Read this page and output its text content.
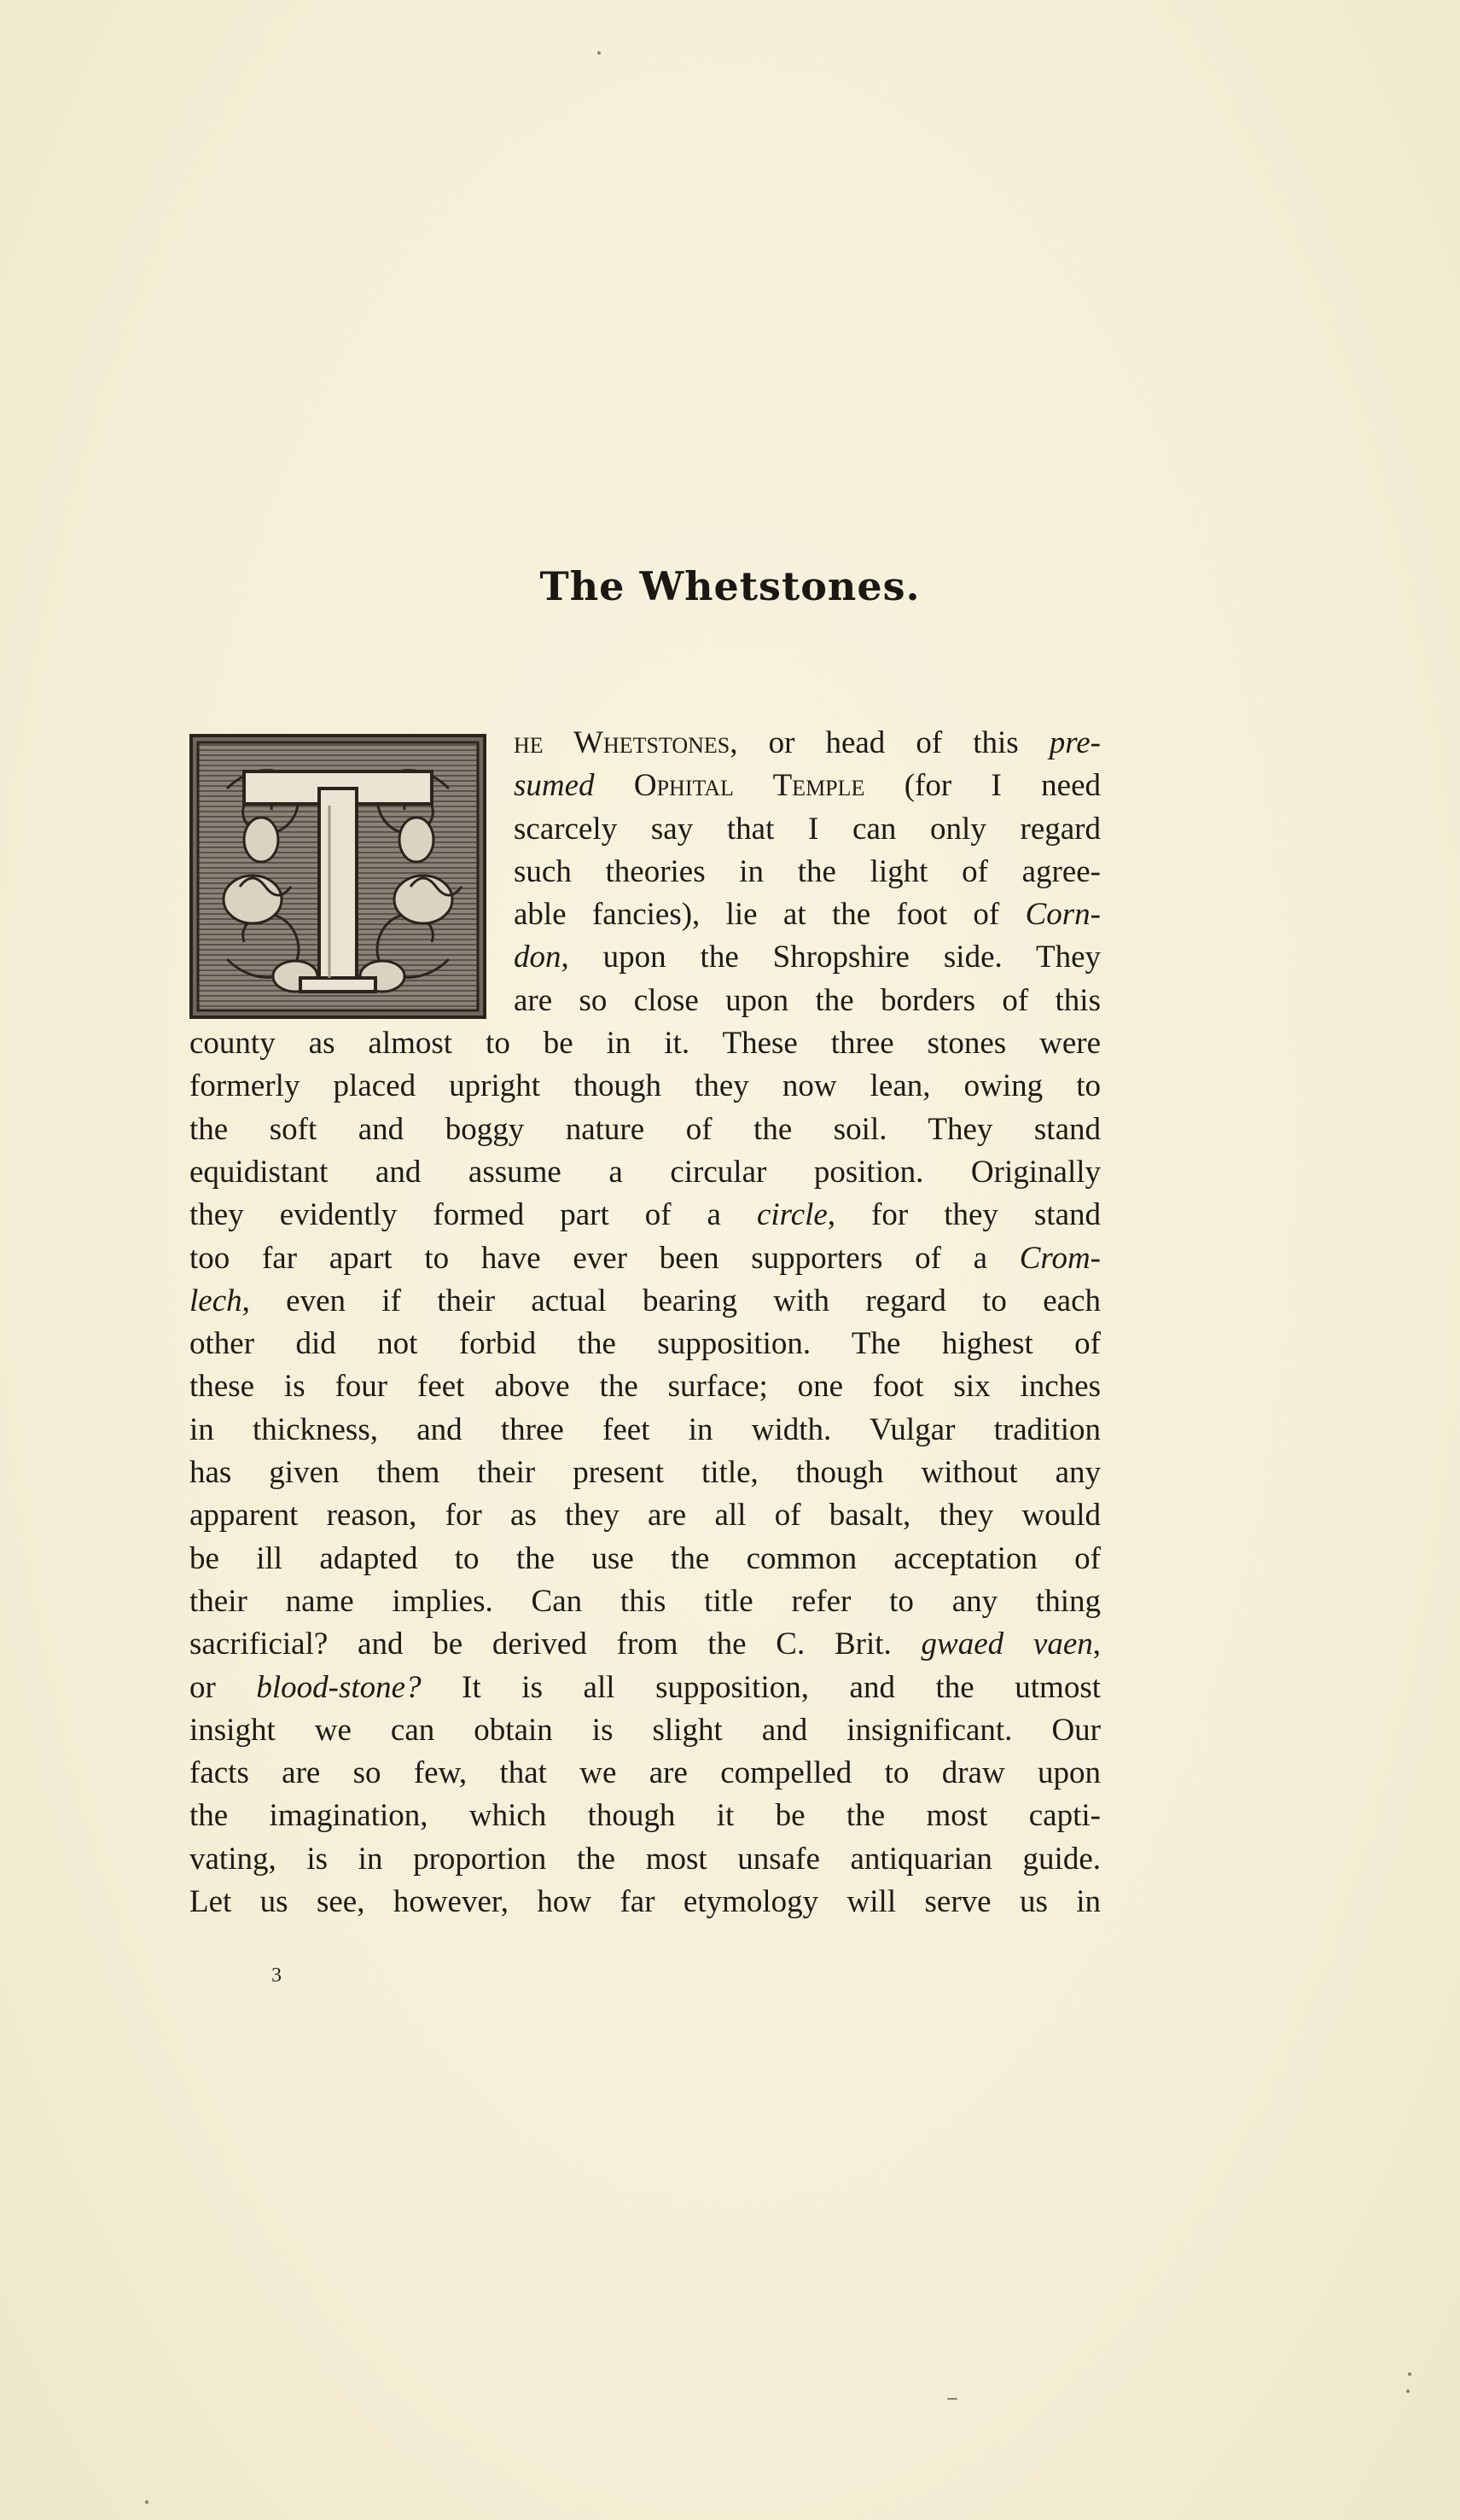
The Whetstones.
he Whetstones, or head of this pre-
sumed Ophital Temple (for I need
scarcely say that I can only regard
such theories in the light of agree-
able fancies), lie at the foot of Corn-
don, upon the Shropshire side. They
are so close upon the borders of this
county as almost to be in it. These three stones were
formerly placed upright though they now lean, owing to
the soft and boggy nature of the soil. They stand
equidistant and assume a circular position. Originally
they evidently formed part of a circle, for they stand
too far apart to have ever been supporters of a Crom-
lech, even if their actual bearing with regard to each
other did not forbid the supposition. The highest of
these is four feet above the surface; one foot six inches
in thickness, and three feet in width. Vulgar tradition
has given them their present title, though without any
apparent reason, for as they are all of basalt, they would
be ill adapted to the use the common acceptation of
their name implies. Can this title refer to any thing
sacrificial? and be derived from the C. Brit. gwaed vaen,
or blood-stone? It is all supposition, and the utmost
insight we can obtain is slight and insignificant. Our
facts are so few, that we are compelled to draw upon
the imagination, which though it be the most capti-
vating, is in proportion the most unsafe antiquarian guide.
Let us see, however, how far etymology will serve us in
3
